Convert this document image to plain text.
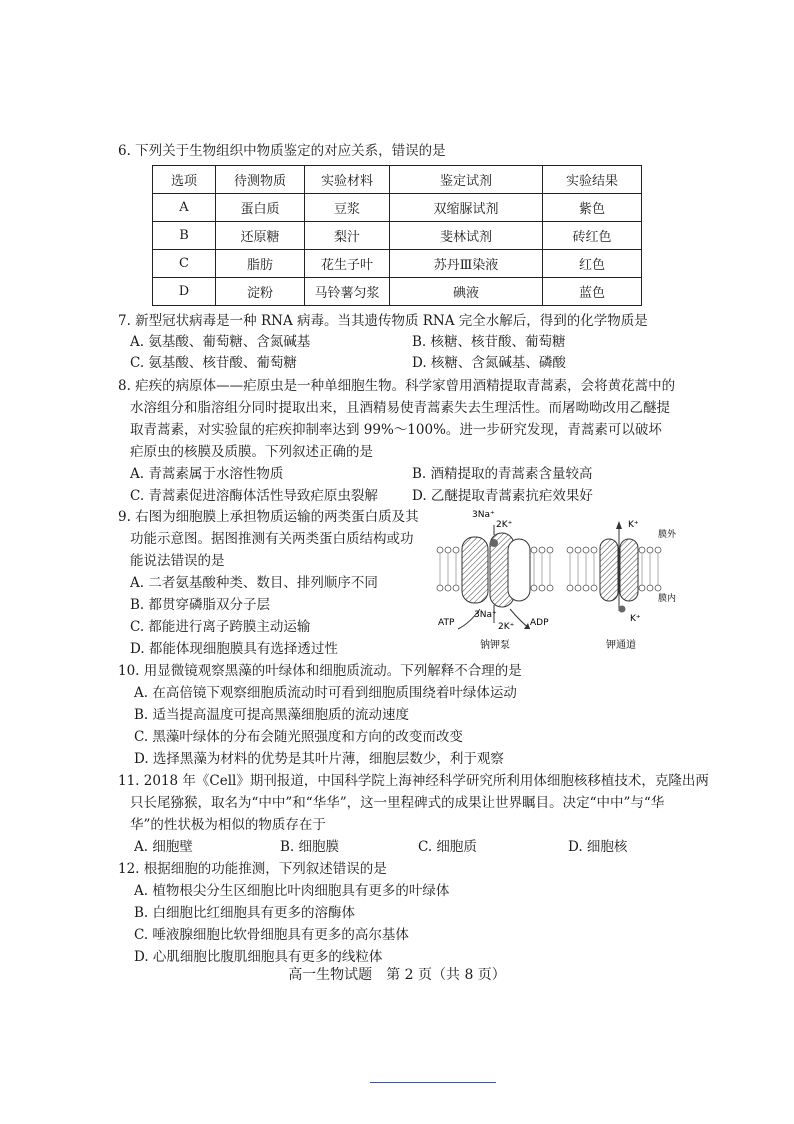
6. 下列关于生物组织中物质鉴定的对应关系，错误的是
选项	待测物质	实验材料	鉴定试剂	实验结果
A	蛋白质	豆浆	双缩脲试剂	紫色
B	还原糖	梨汁	斐林试剂	砖红色
C	脂肪	花生子叶	苏丹Ⅲ染液	红色
D	淀粉	马铃薯匀浆	碘液	蓝色
7. 新型冠状病毒是一种 RNA 病毒。当其遗传物质 RNA 完全水解后，得到的化学物质是
A. 氨基酸、葡萄糖、含氮碱基	B. 核糖、核苷酸、葡萄糖
C. 氨基酸、核苷酸、葡萄糖	D. 核糖、含氮碱基、磷酸
8. 疟疾的病原体——疟原虫是一种单细胞生物。科学家曾用酒精提取青蒿素，会将黄花蒿中的
水溶组分和脂溶组分同时提取出来，且酒精易使青蒿素失去生理活性。而屠呦呦改用乙醚提
取青蒿素，对实验鼠的疟疾抑制率达到 99%～100%。进一步研究发现，青蒿素可以破坏
疟原虫的核膜及质膜。下列叙述正确的是
A. 青蒿素属于水溶性物质	B. 酒精提取的青蒿素含量较高
C. 青蒿素促进溶酶体活性导致疟原虫裂解	D. 乙醚提取青蒿素抗疟效果好
9. 右图为细胞膜上承担物质运输的两类蛋白质及其
功能示意图。据图推测有关两类蛋白质结构或功
能说法错误的是
A. 二者氨基酸种类、数目、排列顺序不同
B. 都贯穿磷脂双分子层
C. 都能进行离子跨膜主动运输
D. 都能体现细胞膜具有选择透过性
3Na⁺
2K⁺	K⁺
膜外
膜内
ATP
3Na⁺
2K⁺ ADP	K⁺
钠钾泵	钾通道
10. 用显微镜观察黑藻的叶绿体和细胞质流动。下列解释不合理的是
A. 在高倍镜下观察细胞质流动时可看到细胞质围绕着叶绿体运动
B. 适当提高温度可提高黑藻细胞质的流动速度
C. 黑藻叶绿体的分布会随光照强度和方向的改变而改变
D. 选择黑藻为材料的优势是其叶片薄，细胞层数少，利于观察
11. 2018 年《Cell》期刊报道，中国科学院上海神经科学研究所利用体细胞核移植技术，克隆出两
只长尾猕猴，取名为“中中”和“华华”，这一里程碑式的成果让世界瞩目。决定“中中”与“华
华”的性状极为相似的物质存在于
A. 细胞壁	B. 细胞膜	C. 细胞质	D. 细胞核
12. 根据细胞的功能推测，下列叙述错误的是
A. 植物根尖分生区细胞比叶肉细胞具有更多的叶绿体
B. 白细胞比红细胞具有更多的溶酶体
C. 唾液腺细胞比软骨细胞具有更多的高尔基体
D. 心肌细胞比腹肌细胞具有更多的线粒体
高一生物试题　第 2 页（共 8 页）
